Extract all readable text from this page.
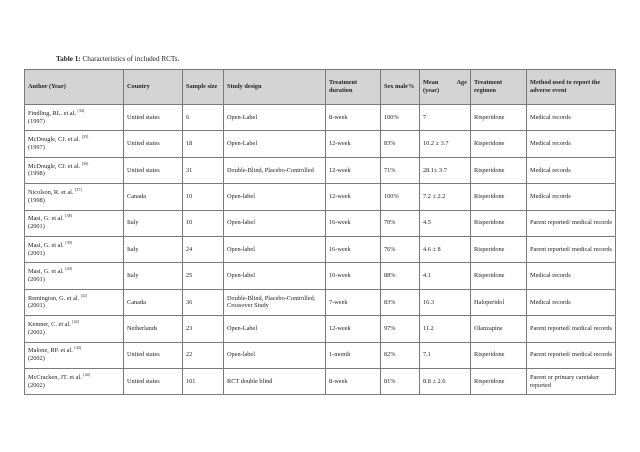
Table 1: Characteristics of included RCTs.
Author (Year)	Country	Sample size	Study design	Treatment duration	Sex male%	Mean Age
(year)	Treatment regimen	Method used to report the adverse event
Findling, RL. et al. [34]
(1997)	United states	6	Open-Label	8-week	100%	7	Risperidone	Medical records
McDougle, CJ. et al. [35]
(1997)	United states	18	Open-Label	12-week	83%	10.2 ± 3.7	Risperidone	Medical records
McDougle, CJ. et al. [36]
(1998)	United states	31	Double-Blind, Placebo-Controlled	12-week	71%	28.1± 3.7	Risperidone	Medical records
Nicolson, R. et al. [37]
(1998)	Canada	10	Open-label	12-week	100%	7.2 ± 2.2	Risperidone	Medical records
Masi, G. et al. [38]
(2001)	Italy	10	Open-label	16-week	70%	4.5	Risperidone	Parent reported/ medical records
Masi, G. et al. [39]
(2001)	Italy	24	Open-label	16-week	76%	4.6 ± 8	Risperidone	Parent reported/ medical records
Masi, G. et al. [40]
(2001)	Italy	25	Open-label	10-week	88%	4.1	Risperidone	Medical records
Remington, G. et al. [41]
(2001)	Canada	36	Double-Blind, Placebo-Controlled, Crossover Study	7-week	83%	16.3	Haloperidol	Medical records
Kemner, C. et al. [42]
(2002)	Netherlands	23	Open-Label	12-week	97%	11.2	Olanzapine	Parent reported/ medical records
Malone, RP. et al. [43]
(2002)	United states	22	Open-label	1-month	82%	7.1	Risperidone	Parent reported/ medical records
McCracken, JT. et al. [44]
(2002)	United states	101	RCT double blind	8-week	81%	8.8 ± 2.6	Risperidone	Parent or primary caretaker reported
